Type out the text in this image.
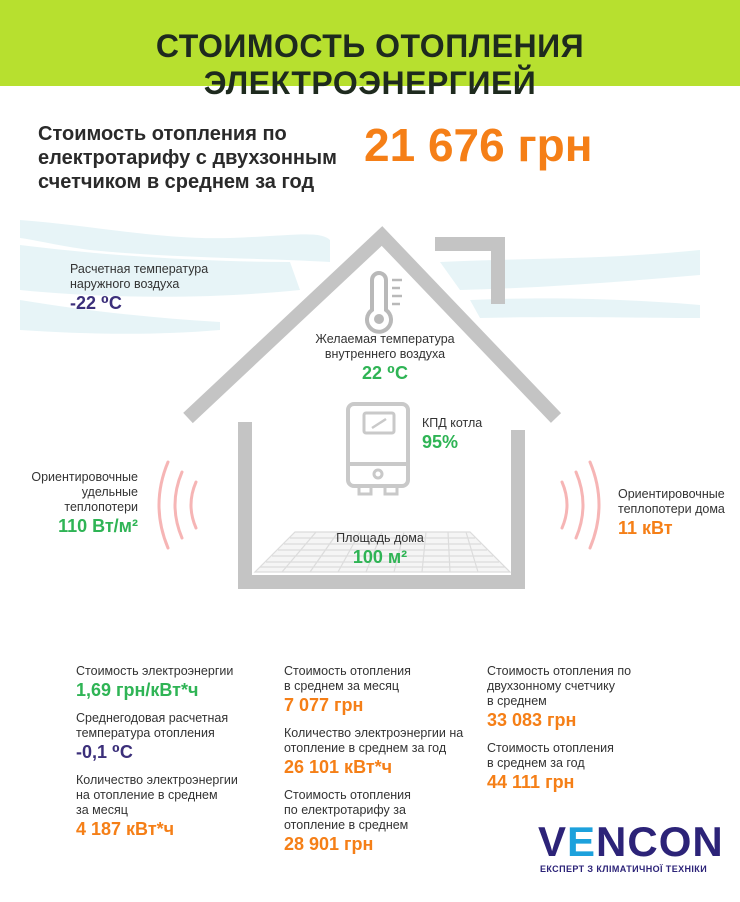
СТОИМОСТЬ ОТОПЛЕНИЯ ЭЛЕКТРОЭНЕРГИЕЙ
Стоимость отопления по
електротарифу с двухзонным
счетчиком в среднем за год
21 676 грн
Расчетная температура
наружного воздуха
-22 ⁰С
Желаемая температура
внутреннего воздуха
22 ⁰С
КПД котла
95%
Ориентировочные
удельные
теплопотери
110 Вт/м²
Ориентировочные
теплопотери дома
11 кВт
Площадь дома
100 м²
Стоимость электроэнергии
1,69 грн/кВт*ч
Среднегодовая расчетная
температура отопления
-0,1 ⁰С
Количество электроэнергии
на отопление в среднем
за месяц
4 187 кВт*ч
Стоимость отопления
в среднем за месяц
7 077 грн
Количество электроэнергии на
отопление в среднем за год
26 101 кВт*ч
Стоимость отопления
по електротарифу за
отопление в среднем
28 901 грн
Стоимость отопления по
двухзонному счетчику
в среднем
33 083 грн
Стоимость отопления
в среднем за год
44 111 грн
VENCON
ЕКСПЕРТ З КЛІМАТИЧНОЇ ТЕХНІКИ
